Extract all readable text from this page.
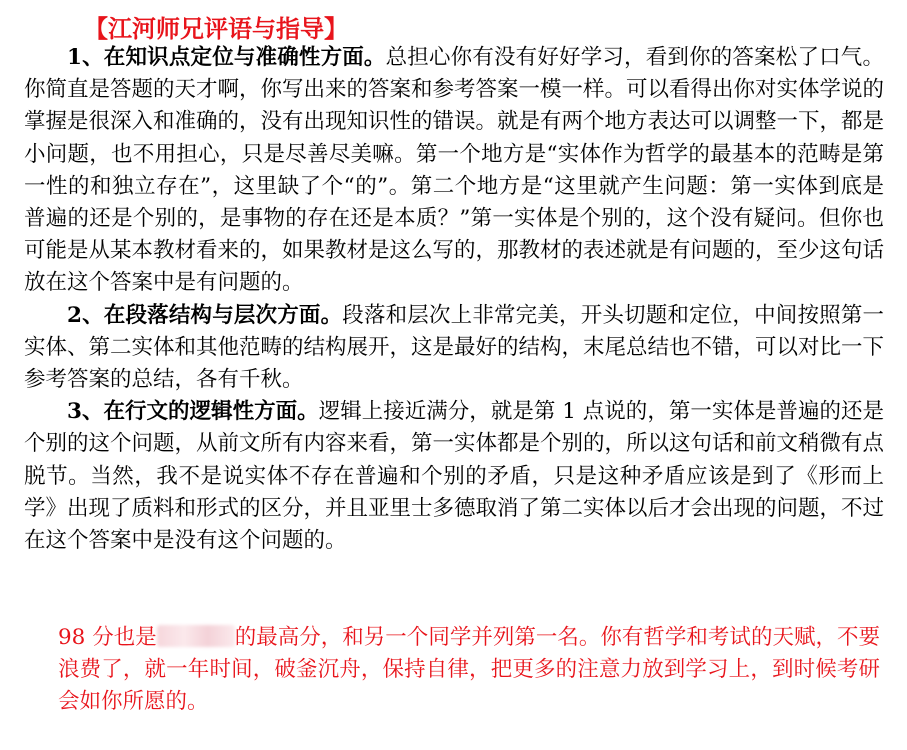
【江河师兄评语与指导】

1、在知识点定位与准确性方面。总担心你有没有好好学习，看到你的答案松了口气。你简直是答题的天才啊，你写出来的答案和参考答案一模一样。可以看得出你对实体学说的掌握是很深入和准确的，没有出现知识性的错误。就是有两个地方表达可以调整一下，都是小问题，也不用担心，只是尽善尽美嘛。第一个地方是“实体作为哲学的最基本的范畴是第一性的和独立存在”，这里缺了个“的”。第二个地方是“这里就产生问题：第一实体到底是普遍的还是个别的，是事物的存在还是本质？”第一实体是个别的，这个没有疑问。但你也可能是从某本教材看来的，如果教材是这么写的，那教材的表述就是有问题的，至少这句话放在这个答案中是有问题的。

2、在段落结构与层次方面。段落和层次上非常完美，开头切题和定位，中间按照第一实体、第二实体和其他范畴的结构展开，这是最好的结构，末尾总结也不错，可以对比一下参考答案的总结，各有千秋。

3、在行文的逻辑性方面。逻辑上接近满分，就是第 1 点说的，第一实体是普遍的还是个别的这个问题，从前文所有内容来看，第一实体都是个别的，所以这句话和前文稍微有点脱节。当然，我不是说实体不存在普遍和个别的矛盾，只是这种矛盾应该是到了《形而上学》出现了质料和形式的区分，并且亚里士多德取消了第二实体以后才会出现的问题，不过在这个答案中是没有这个问题的。

98 分也是	的最高分，和另一个同学并列第一名。你有哲学和考试的天赋，不要浪费了，就一年时间，破釜沉舟，保持自律，把更多的注意力放到学习上，到时候考研会如你所愿的。
